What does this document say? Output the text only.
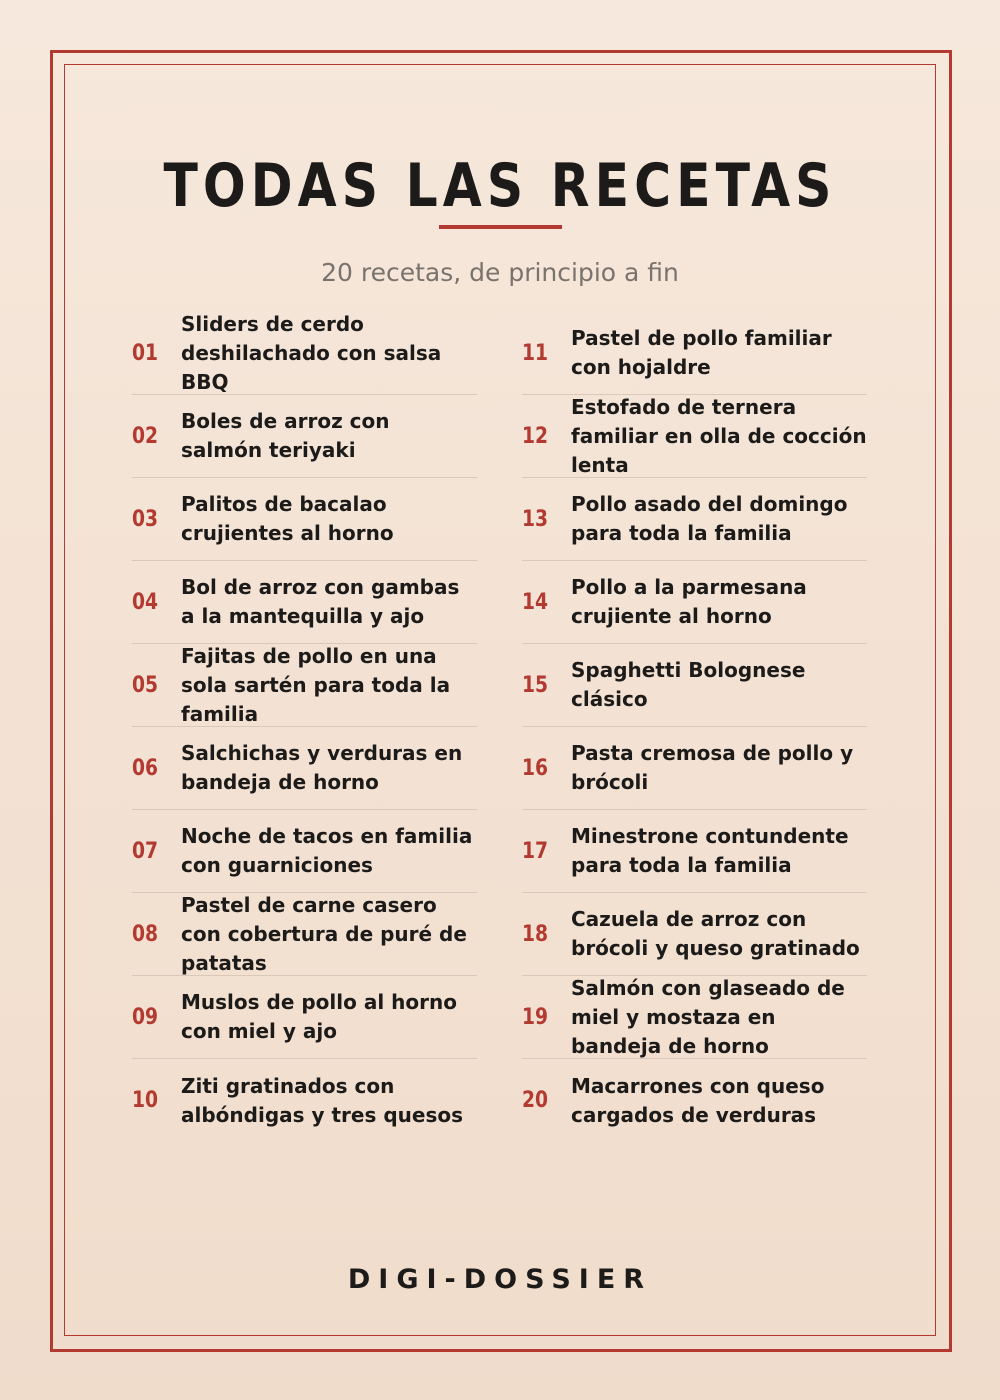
TODAS LAS RECETAS
20 recetas, de principio a fin
01
Sliders de cerdo deshilachado con salsa BBQ
02
Boles de arroz con salmón teriyaki
03
Palitos de bacalao crujientes al horno
04
Bol de arroz con gambas a la mantequilla y ajo
05
Fajitas de pollo en una sola sartén para toda la familia
06
Salchichas y verduras en bandeja de horno
07
Noche de tacos en familia con guarniciones
08
Pastel de carne casero con cobertura de puré de patatas
09
Muslos de pollo al horno con miel y ajo
10
Ziti gratinados con albóndigas y tres quesos
11
Pastel de pollo familiar con hojaldre
12
Estofado de ternera familiar en olla de cocción lenta
13
Pollo asado del domingo para toda la familia
14
Pollo a la parmesana crujiente al horno
15
Spaghetti Bolognese clásico
16
Pasta cremosa de pollo y brócoli
17
Minestrone contundente para toda la familia
18
Cazuela de arroz con brócoli y queso gratinado
19
Salmón con glaseado de miel y mostaza en bandeja de horno
20
Macarrones con queso cargados de verduras
DIGI-DOSSIER
